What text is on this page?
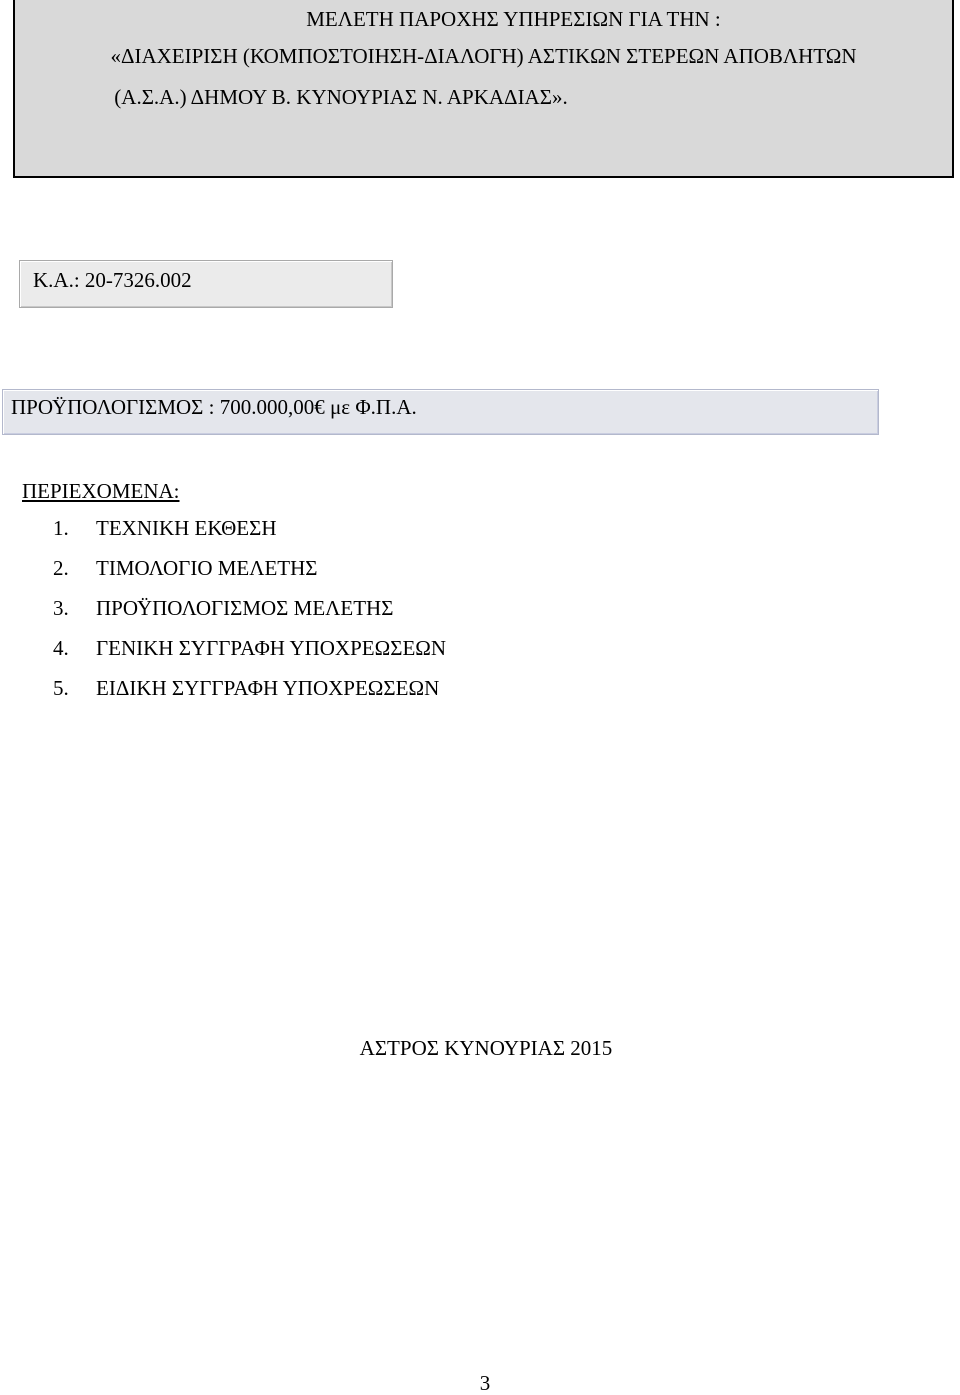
ΜΕΛΕΤΗ ΠΑΡΟΧΗΣ ΥΠΗΡΕΣΙΩΝ ΓΙΑ ΤΗΝ :
«ΔΙΑΧΕΙΡΙΣΗ (ΚΟΜΠΟΣΤΟΙΗΣΗ-ΔΙΑΛΟΓΗ) ΑΣΤΙΚΩΝ ΣΤΕΡΕΩΝ ΑΠΟΒΛΗΤΩΝ
(Α.Σ.Α.) ΔΗΜΟΥ Β. ΚΥΝΟΥΡΙΑΣ Ν. ΑΡΚΑΔΙΑΣ».
Κ.Α.: 20-7326.002
ΠΡΟΫΠΟΛΟΓΙΣΜΟΣ : 700.000,00€ με Φ.Π.Α.
ΠΕΡΙΕΧΟΜΕΝΑ:
1.	ΤΕΧΝΙΚΗ ΕΚΘΕΣΗ
2.	ΤΙΜΟΛΟΓΙΟ ΜΕΛΕΤΗΣ
3.	ΠΡΟΫΠΟΛΟΓΙΣΜΟΣ ΜΕΛΕΤΗΣ
4.	ΓΕΝΙΚΗ ΣΥΓΓΡΑΦΗ ΥΠΟΧΡΕΩΣΕΩΝ
5.	ΕΙΔΙΚΗ ΣΥΓΓΡΑΦΗ ΥΠΟΧΡΕΩΣΕΩΝ
ΑΣΤΡΟΣ ΚΥΝΟΥΡΙΑΣ 2015
3
